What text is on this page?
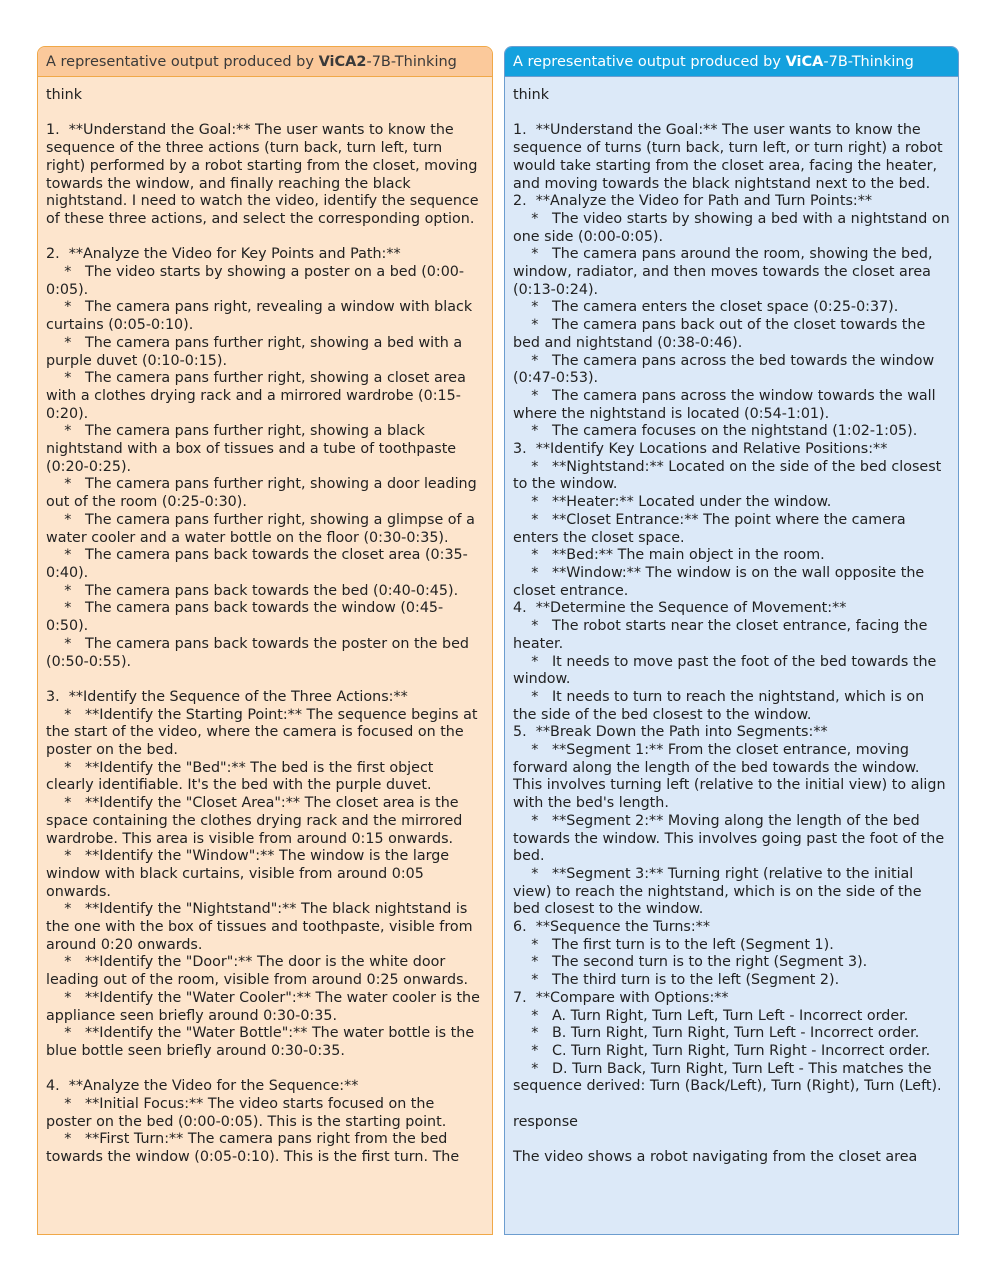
A representative output produced by ViCA2-7B-Thinking
think

1.  **Understand the Goal:** The user wants to know the sequence of the three actions (turn back, turn left, turn right) performed by a robot starting from the closet, moving towards the window, and finally reaching the black nightstand. I need to watch the video, identify the sequence of these three actions, and select the corresponding option.

2.  **Analyze the Video for Key Points and Path:**
*   The video starts by showing a poster on a bed (0:00-0:05).
*   The camera pans right, revealing a window with black curtains (0:05-0:10).
*   The camera pans further right, showing a bed with a purple duvet (0:10-0:15).
*   The camera pans further right, showing a closet area with a clothes drying rack and a mirrored wardrobe (0:15-0:20).
*   The camera pans further right, showing a black nightstand with a box of tissues and a tube of toothpaste (0:20-0:25).
*   The camera pans further right, showing a door leading out of the room (0:25-0:30).
*   The camera pans further right, showing a glimpse of a water cooler and a water bottle on the floor (0:30-0:35).
*   The camera pans back towards the closet area (0:35-0:40).
*   The camera pans back towards the bed (0:40-0:45).
*   The camera pans back towards the window (0:45-0:50).
*   The camera pans back towards the poster on the bed (0:50-0:55).

3.  **Identify the Sequence of the Three Actions:**
*   **Identify the Starting Point:** The sequence begins at the start of the video, where the camera is focused on the poster on the bed.
*   **Identify the "Bed":** The bed is the first object clearly identifiable. It's the bed with the purple duvet.
*   **Identify the "Closet Area":** The closet area is the space containing the clothes drying rack and the mirrored wardrobe. This area is visible from around 0:15 onwards.
*   **Identify the "Window":** The window is the large window with black curtains, visible from around 0:05 onwards.
*   **Identify the "Nightstand":** The black nightstand is the one with the box of tissues and toothpaste, visible from around 0:20 onwards.
*   **Identify the "Door":** The door is the white door leading out of the room, visible from around 0:25 onwards.
*   **Identify the "Water Cooler":** The water cooler is the appliance seen briefly around 0:30-0:35.
*   **Identify the "Water Bottle":** The water bottle is the blue bottle seen briefly around 0:30-0:35.

4.  **Analyze the Video for the Sequence:**
*   **Initial Focus:** The video starts focused on the poster on the bed (0:00-0:05). This is the starting point.
*   **First Turn:** The camera pans right from the bed towards the window (0:05-0:10). This is the first turn. The
A representative output produced by ViCA-7B-Thinking
think

1.  **Understand the Goal:** The user wants to know the sequence of turns (turn back, turn left, or turn right) a robot would take starting from the closet area, facing the heater, and moving towards the black nightstand next to the bed.
2.  **Analyze the Video for Path and Turn Points:**
*   The video starts by showing a bed with a nightstand on one side (0:00-0:05).
*   The camera pans around the room, showing the bed, window, radiator, and then moves towards the closet area (0:13-0:24).
*   The camera enters the closet space (0:25-0:37).
*   The camera pans back out of the closet towards the bed and nightstand (0:38-0:46).
*   The camera pans across the bed towards the window (0:47-0:53).
*   The camera pans across the window towards the wall where the nightstand is located (0:54-1:01).
*   The camera focuses on the nightstand (1:02-1:05).
3.  **Identify Key Locations and Relative Positions:**
*   **Nightstand:** Located on the side of the bed closest to the window.
*   **Heater:** Located under the window.
*   **Closet Entrance:** The point where the camera enters the closet space.
*   **Bed:** The main object in the room.
*   **Window:** The window is on the wall opposite the closet entrance.
4.  **Determine the Sequence of Movement:**
*   The robot starts near the closet entrance, facing the heater.
*   It needs to move past the foot of the bed towards the window.
*   It needs to turn to reach the nightstand, which is on the side of the bed closest to the window.
5.  **Break Down the Path into Segments:**
*   **Segment 1:** From the closet entrance, moving forward along the length of the bed towards the window. This involves turning left (relative to the initial view) to align with the bed's length.
*   **Segment 2:** Moving along the length of the bed towards the window. This involves going past the foot of the bed.
*   **Segment 3:** Turning right (relative to the initial view) to reach the nightstand, which is on the side of the bed closest to the window.
6.  **Sequence the Turns:**
*   The first turn is to the left (Segment 1).
*   The second turn is to the right (Segment 3).
*   The third turn is to the left (Segment 2).
7.  **Compare with Options:**
*   A. Turn Right, Turn Left, Turn Left - Incorrect order.
*   B. Turn Right, Turn Right, Turn Left - Incorrect order.
*   C. Turn Right, Turn Right, Turn Right - Incorrect order.
*   D. Turn Back, Turn Right, Turn Left - This matches the sequence derived: Turn (Back/Left), Turn (Right), Turn (Left).

response

The video shows a robot navigating from the closet area
